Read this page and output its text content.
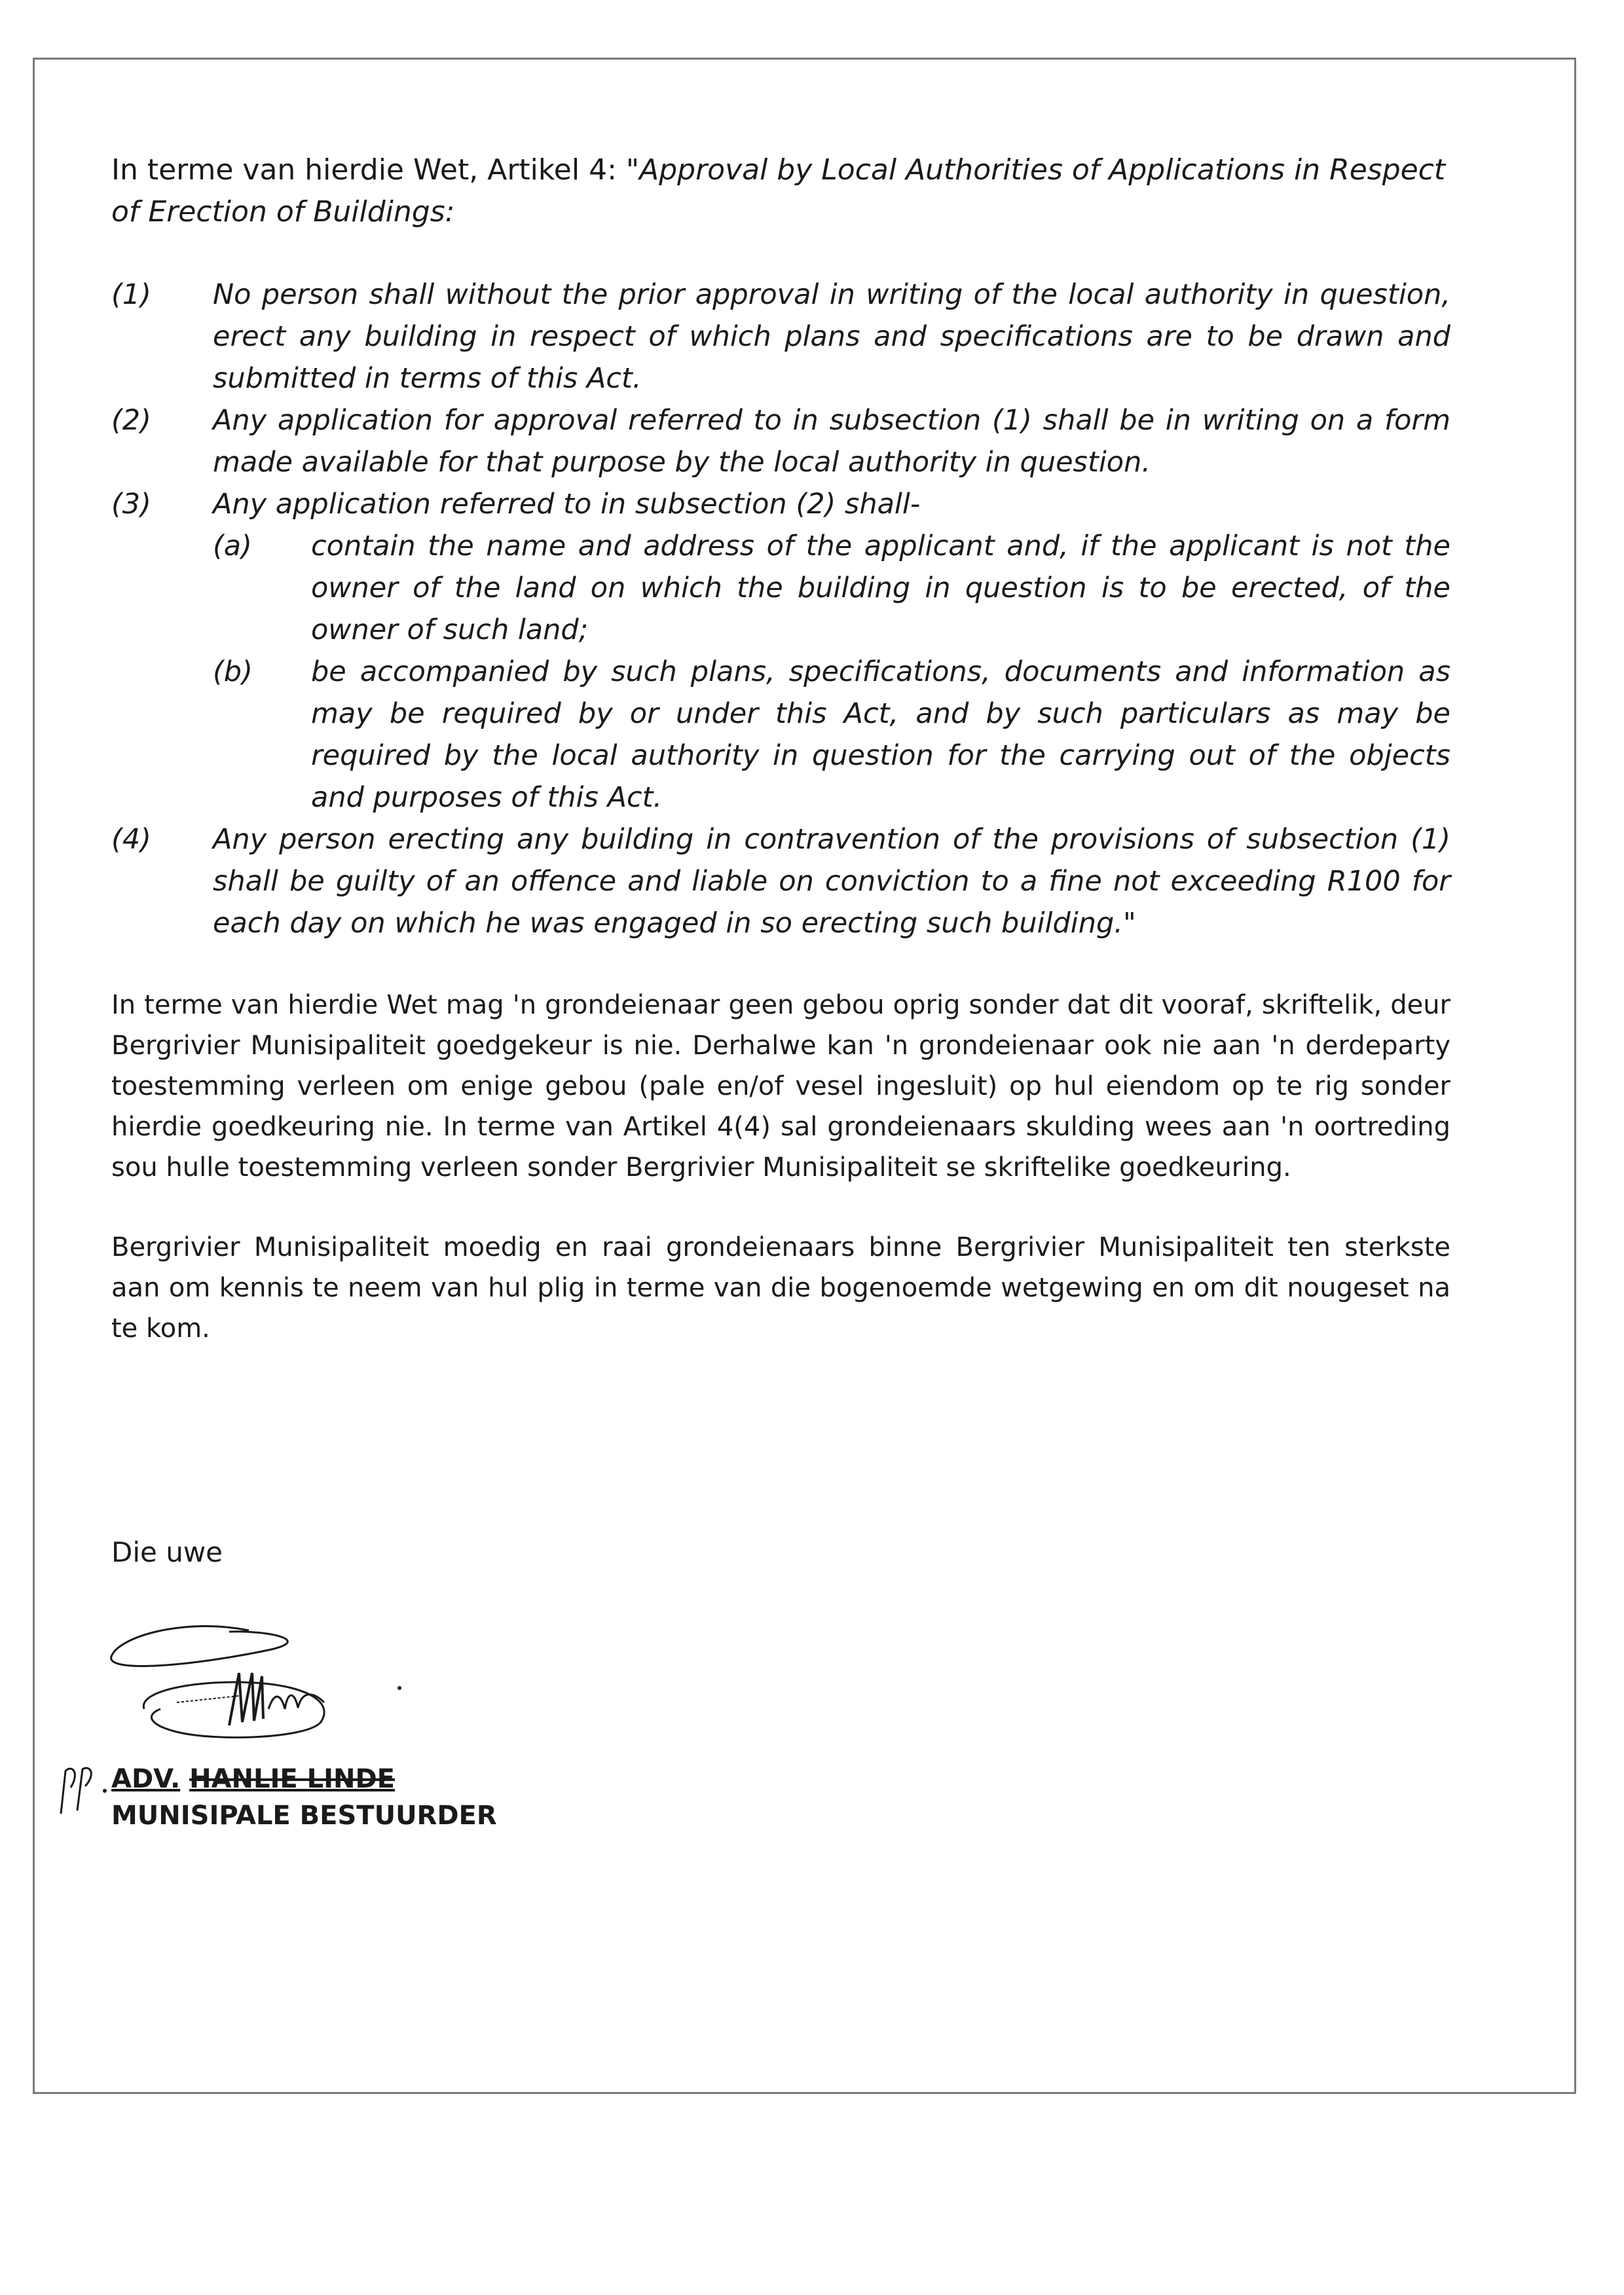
In terme van hierdie Wet, Artikel 4: "Approval by Local Authorities of Applications in Respect of Erection of Buildings:

(1) No person shall without the prior approval in writing of the local authority in question, erect any building in respect of which plans and specifications are to be drawn and submitted in terms of this Act.

(2) Any application for approval referred to in subsection (1) shall be in writing on a form made available for that purpose by the local authority in question.

(3) Any application referred to in subsection (2) shall-

(a) contain the name and address of the applicant and, if the applicant is not the owner of the land on which the building in question is to be erected, of the owner of such land;

(b) be accompanied by such plans, specifications, documents and information as may be required by or under this Act, and by such particulars as may be required by the local authority in question for the carrying out of the objects and purposes of this Act.

(4) Any person erecting any building in contravention of the provisions of subsection (1) shall be guilty of an offence and liable on conviction to a fine not exceeding R100 for each day on which he was engaged in so erecting such building."

In terme van hierdie Wet mag 'n grondeienaar geen gebou oprig sonder dat dit vooraf, skriftelik, deur Bergrivier Munisipaliteit goedgekeur is nie. Derhalwe kan 'n grondeienaar ook nie aan 'n derdeparty toestemming verleen om enige gebou (pale en/of vesel ingesluit) op hul eiendom op te rig sonder hierdie goedkeuring nie. In terme van Artikel 4(4) sal grondeienaars skulding wees aan 'n oortreding sou hulle toestemming verleen sonder Bergrivier Munisipaliteit se skriftelike goedkeuring.

Bergrivier Munisipaliteit moedig en raai grondeienaars binne Bergrivier Munisipaliteit ten sterkste aan om kennis te neem van hul plig in terme van die bogenoemde wetgewing en om dit nougeset na te kom.

Die uwe

ADV. HANLIE LINDE

MUNISIPALE BESTUURDER
